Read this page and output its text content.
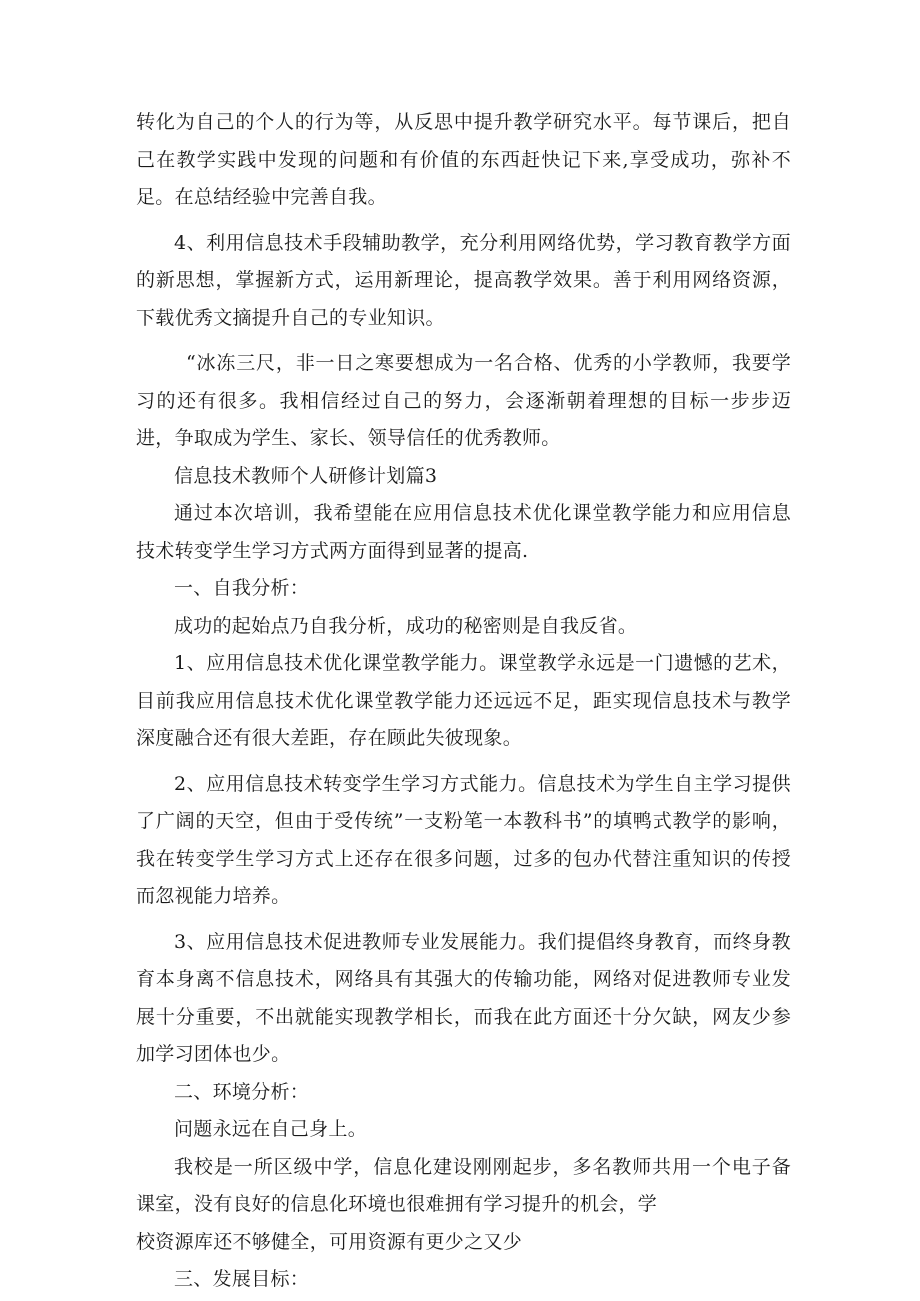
转化为自己的个人的行为等，从反思中提升教学研究水平。每节课后，把自己在教学实践中发现的问题和有价值的东西赶快记下来,享受成功，弥补不足。在总结经验中完善自我。

4、利用信息技术手段辅助教学，充分利用网络优势，学习教育教学方面的新思想，掌握新方式，运用新理论，提高教学效果。善于利用网络资源，下载优秀文摘提升自己的专业知识。

“冰冻三尺，非一日之寒要想成为一名合格、优秀的小学教师，我要学习的还有很多。我相信经过自己的努力，会逐渐朝着理想的目标一步步迈进，争取成为学生、家长、领导信任的优秀教师。

信息技术教师个人研修计划篇3

通过本次培训，我希望能在应用信息技术优化课堂教学能力和应用信息技术转变学生学习方式两方面得到显著的提高.

一、自我分析：

成功的起始点乃自我分析，成功的秘密则是自我反省。

1、应用信息技术优化课堂教学能力。课堂教学永远是一门遗憾的艺术，目前我应用信息技术优化课堂教学能力还远远不足，距实现信息技术与教学深度融合还有很大差距，存在顾此失彼现象。

2、应用信息技术转变学生学习方式能力。信息技术为学生自主学习提供了广阔的天空，但由于受传统”一支粉笔一本教科书”的填鸭式教学的影响，我在转变学生学习方式上还存在很多问题，过多的包办代替注重知识的传授而忽视能力培养。

3、应用信息技术促进教师专业发展能力。我们提倡终身教育，而终身教育本身离不信息技术，网络具有其强大的传输功能，网络对促进教师专业发展十分重要，不出就能实现教学相长，而我在此方面还十分欠缺，网友少参加学习团体也少。

二、环境分析：

问题永远在自己身上。

我校是一所区级中学，信息化建设刚刚起步，多名教师共用一个电子备课室，没有良好的信息化环境也很难拥有学习提升的机会，学

校资源库还不够健全，可用资源有更少之又少

三、发展目标：
